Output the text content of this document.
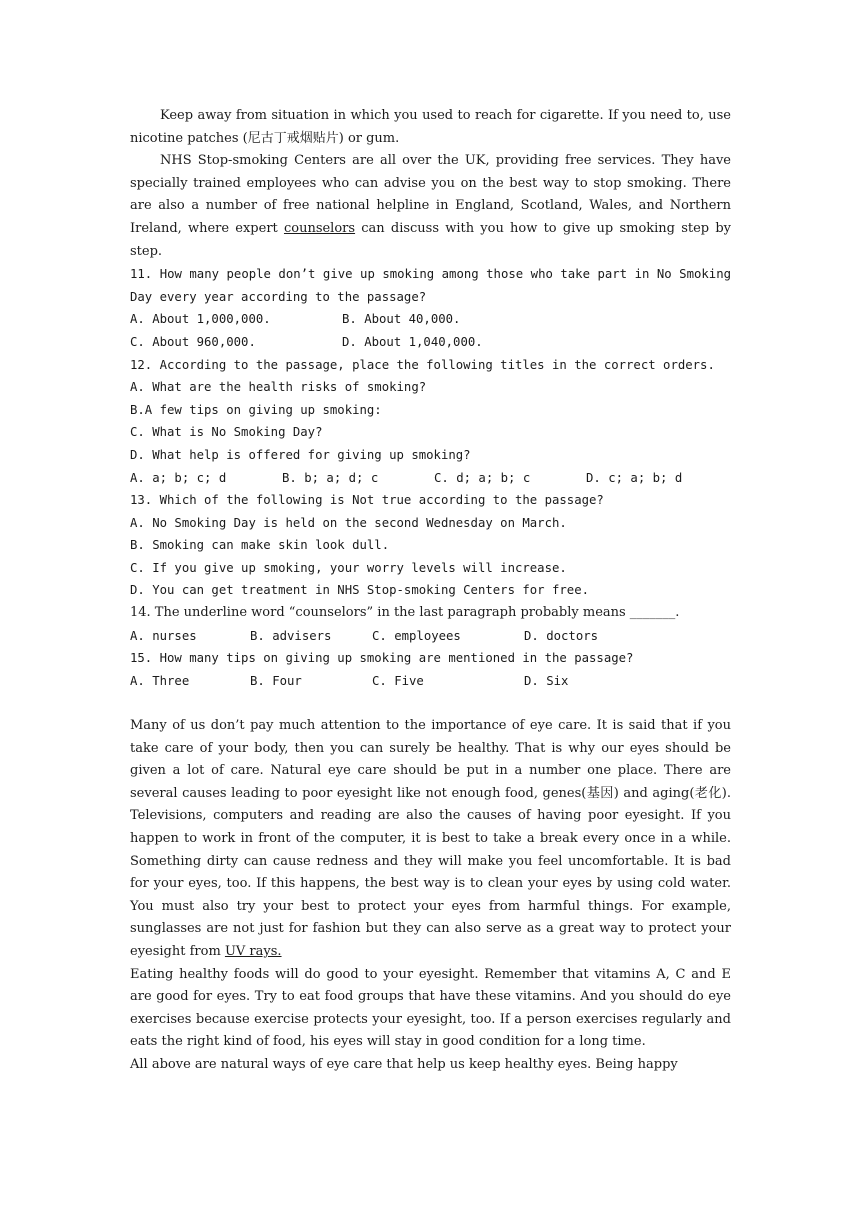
Keep away from situation in which you used to reach for cigarette. If you need to, use nicotine patches (尼古丁戒烟贴片) or gum.

NHS Stop-smoking Centers are all over the UK, providing free services. They have specially trained employees who can advise you on the best way to stop smoking. There are also a number of free national helpline in England, Scotland, Wales, and Northern Ireland, where expert counselors can discuss with you how to give up smoking step by step.

11. How many people don’t give up smoking among those who take part in No Smoking Day every year according to the passage?

A. About 1,000,000.	B. About 40,000.
C. About 960,000.	D. About 1,040,000.

12. According to the passage, place the following titles in the correct orders.

A. What are the health risks of smoking?

B.A few tips on giving up smoking:

C. What is No Smoking Day?

D. What help is offered for giving up smoking?

A. a; b; c; d	B. b; a; d; c	C. d; a; b; c	D. c; a; b; d

13. Which of the following is Not true according to the passage?

A. No Smoking Day is held on the second Wednesday on March.

B. Smoking can make skin look dull.

C. If you give up smoking, your worry levels will increase.

D. You can get treatment in NHS Stop-smoking Centers for free.

14. The underline word “counselors” in the last paragraph probably means _______.

A. nurses	B. advisers	C. employees	D. doctors

15. How many tips on giving up smoking are mentioned in the passage?

A. Three	B. Four	C. Five	D. Six

Many of us don’t pay much attention to the importance of eye care. It is said that if you take care of your body, then you can surely be healthy. That is why our eyes should be given a lot of care. Natural eye care should be put in a number one place. There are several causes leading to poor eyesight like not enough food, genes(基因) and aging(老化). Televisions, computers and reading are also the causes of having poor eyesight. If you happen to work in front of the computer, it is best to take a break every once in a while. Something dirty can cause redness and they will make you feel uncomfortable. It is bad for your eyes, too. If this happens, the best way is to clean your eyes by using cold water. You must also try your best to protect your eyes from harmful things. For example, sunglasses are not just for fashion but they can also serve as a great way to protect your eyesight from UV rays.

Eating healthy foods will do good to your eyesight. Remember that vitamins A, C and E are good for eyes. Try to eat food groups that have these vitamins. And you should do eye exercises because exercise protects your eyesight, too. If a person exercises regularly and eats the right kind of food, his eyes will stay in good condition for a long time.

All above are natural ways of eye care that help us keep healthy eyes. Being happy
